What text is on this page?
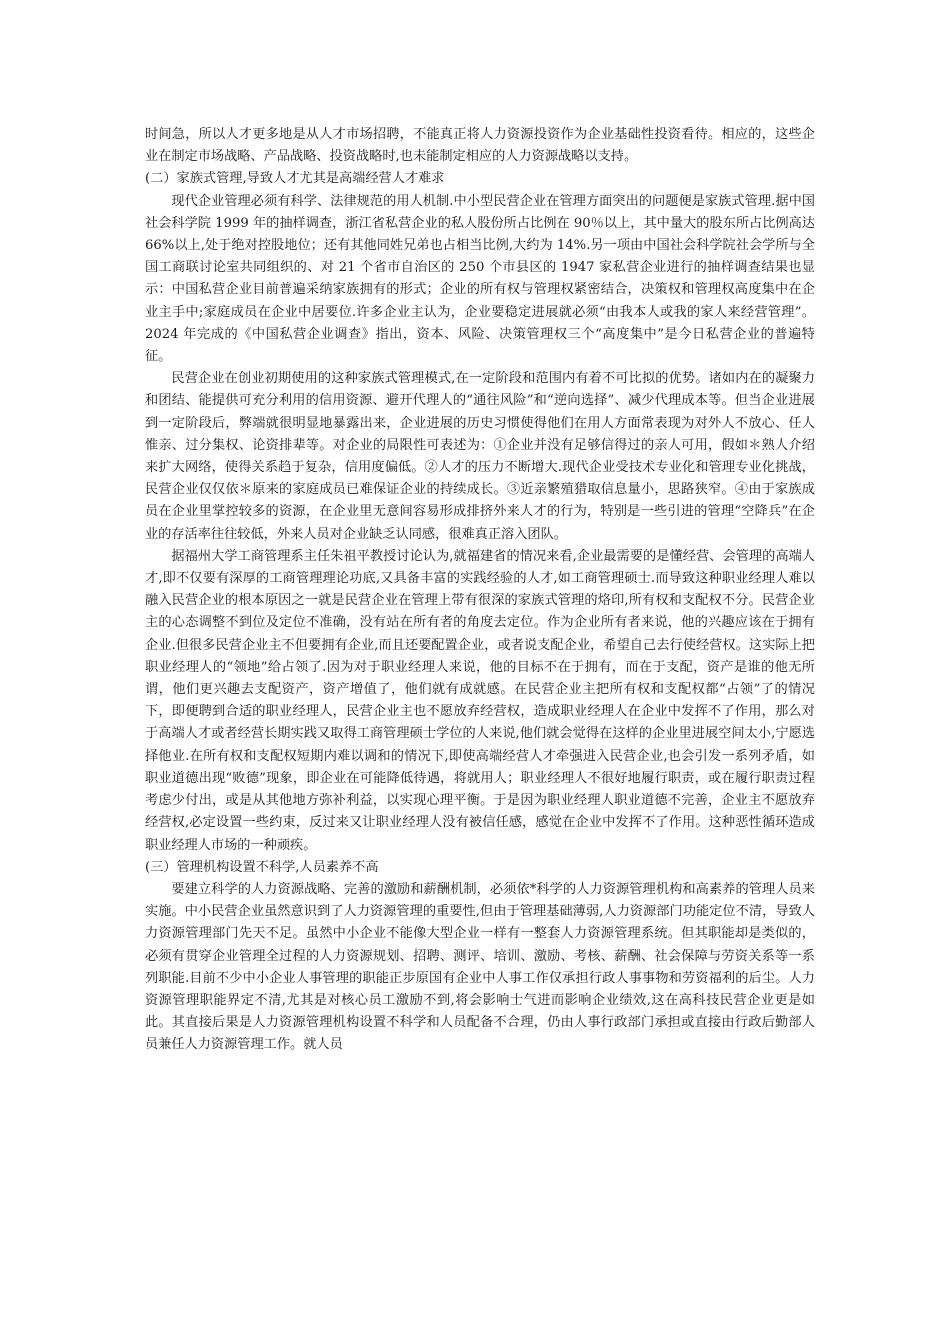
时间急，所以人才更多地是从人才市场招聘，不能真正将人力资源投资作为企业基础性投资看待。相应的，这些企业在制定市场战略、产品战略、投资战略时,也未能制定相应的人力资源战略以支持。

(二）家族式管理,导致人才尤其是高端经营人才难求

现代企业管理必须有科学、法律规范的用人机制.中小型民营企业在管理方面突出的问题便是家族式管理.据中国社会科学院 1999 年的抽样调查，浙江省私营企业的私人股份所占比例在 90％以上，其中量大的股东所占比例高达 66%以上,处于绝对控股地位；还有其他同姓兄弟也占相当比例,大约为 14%.另一项由中国社会科学院社会学所与全国工商联讨论室共同组织的、对 21 个省市自治区的 250 个市县区的 1947 家私营企业进行的抽样调查结果也显示：中国私营企业目前普遍采纳家族拥有的形式；企业的所有权与管理权紧密结合，决策权和管理权高度集中在企业主手中;家庭成员在企业中居要位.许多企业主认为，企业要稳定进展就必须“由我本人或我的家人来经营管理”。2024 年完成的《中国私营企业调查》指出，资本、风险、决策管理权三个“高度集中”是今日私营企业的普遍特征。

民营企业在创业初期使用的这种家族式管理模式,在一定阶段和范围内有着不可比拟的优势。诸如内在的凝聚力和团结、能提供可充分利用的信用资源、避开代理人的“通往风险”和“逆向选择”、减少代理成本等。但当企业进展到一定阶段后，弊端就很明显地暴露出来，企业进展的历史习惯使得他们在用人方面常表现为对外人不放心、任人惟亲、过分集权、论资排辈等。对企业的局限性可表述为：①企业并没有足够信得过的亲人可用，假如＊熟人介绍来扩大网络，使得关系趋于复杂，信用度偏低。②人才的压力不断增大.现代企业受技术专业化和管理专业化挑战，民营企业仅仅依＊原来的家庭成员已难保证企业的持续成长。③近亲繁殖猎取信息量小，思路狭窄。④由于家族成员在企业里掌控较多的资源，在企业里无意间容易形成排挤外来人才的行为，特别是一些引进的管理“空降兵”在企业的存活率往往较低，外来人员对企业缺乏认同感，很难真正溶入团队。

据福州大学工商管理系主任朱祖平教授讨论认为,就福建省的情况来看,企业最需要的是懂经营、会管理的高端人才,即不仅要有深厚的工商管理理论功底,又具备丰富的实践经验的人才,如工商管理硕士.而导致这种职业经理人难以融入民营企业的根本原因之一就是民营企业在管理上带有很深的家族式管理的烙印,所有权和支配权不分。民营企业主的心态调整不到位及定位不准确，没有站在所有者的角度去定位。作为企业所有者来说，他的兴趣应该在于拥有企业.但很多民营企业主不但要拥有企业,而且还要配置企业，或者说支配企业，希望自己去行使经营权。这实际上把职业经理人的“领地”给占领了.因为对于职业经理人来说，他的目标不在于拥有，而在于支配，资产是谁的他无所谓，他们更兴趣去支配资产，资产增值了，他们就有成就感。在民营企业主把所有权和支配权都“占领”了的情况下，即便聘到合适的职业经理人，民营企业主也不愿放弃经营权，造成职业经理人在企业中发挥不了作用，那么对于高端人才或者经营长期实践又取得工商管理硕士学位的人来说,他们就会觉得在这样的企业里进展空间太小,宁愿选择他业.在所有权和支配权短期内难以调和的情况下,即使高端经营人才牵强进入民营企业,也会引发一系列矛盾，如职业道德出现“败德”现象，即企业在可能降低待遇，将就用人；职业经理人不很好地履行职责，或在履行职责过程考虑少付出，或是从其他地方弥补利益，以实现心理平衡。于是因为职业经理人职业道德不完善，企业主不愿放弃经营权,必定设置一些约束，反过来又让职业经理人没有被信任感，感觉在企业中发挥不了作用。这种恶性循环造成职业经理人市场的一种顽疾。

(三）管理机构设置不科学,人员素养不高

要建立科学的人力资源战略、完善的激励和薪酬机制，必须依*科学的人力资源管理机构和高素养的管理人员来实施。中小民营企业虽然意识到了人力资源管理的重要性,但由于管理基础薄弱,人力资源部门功能定位不清，导致人力资源管理部门先天不足。虽然中小企业不能像大型企业一样有一整套人力资源管理系统。但其职能却是类似的，必须有贯穿企业管理全过程的人力资源规划、招聘、测评、培训、激励、考核、薪酬、社会保障与劳资关系等一系列职能.目前不少中小企业人事管理的职能正步原国有企业中人事工作仅承担行政人事事物和劳资福利的后尘。人力资源管理职能界定不清,尤其是对核心员工激励不到,将会影响士气进而影响企业绩效,这在高科技民营企业更是如此。其直接后果是人力资源管理机构设置不科学和人员配备不合理，仍由人事行政部门承担或直接由行政后勤部人员兼任人力资源管理工作。就人员
